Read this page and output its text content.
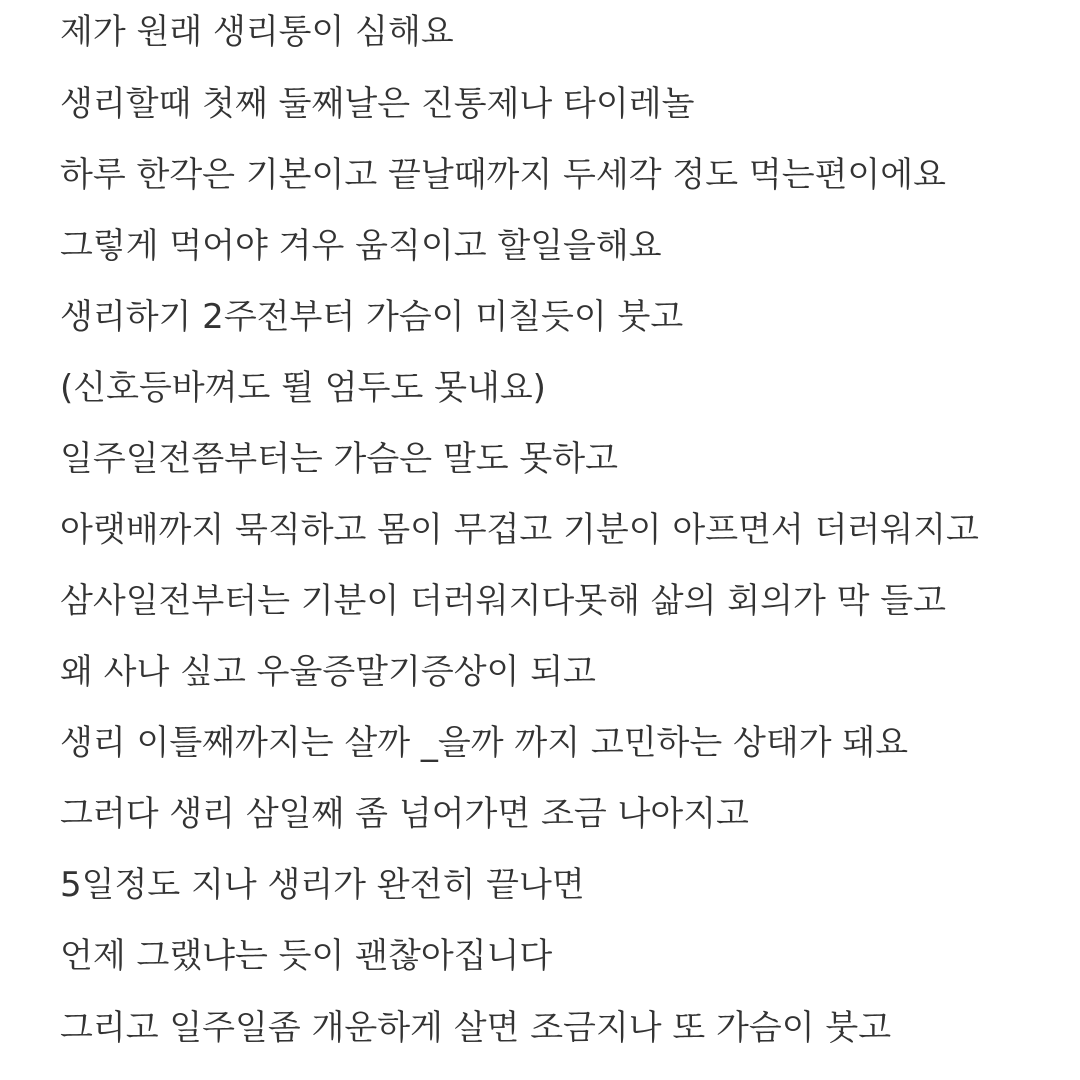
제가 원래 생리통이 심해요

생리할때 첫째 둘째날은 진통제나 타이레놀

하루 한각은 기본이고 끝날때까지 두세각 정도 먹는편이에요

그렇게 먹어야 겨우 움직이고 할일을해요

생리하기 2주전부터 가슴이 미칠듯이 붓고

(신호등바껴도 뛸 엄두도 못내요)

일주일전쯤부터는 가슴은 말도 못하고

아랫배까지 묵직하고 몸이 무겁고 기분이 아프면서 더러워지고

삼사일전부터는 기분이 더러워지다못해 삶의 회의가 막 들고

왜 사나 싶고 우울증말기증상이 되고

생리 이틀째까지는 살까 _을까 까지 고민하는 상태가 돼요

그러다 생리 삼일째 좀 넘어가면 조금 나아지고

5일정도 지나 생리가 완전히 끝나면

언제 그랬냐는 듯이 괜찮아집니다

그리고 일주일좀 개운하게 살면 조금지나 또 가슴이 붓고
